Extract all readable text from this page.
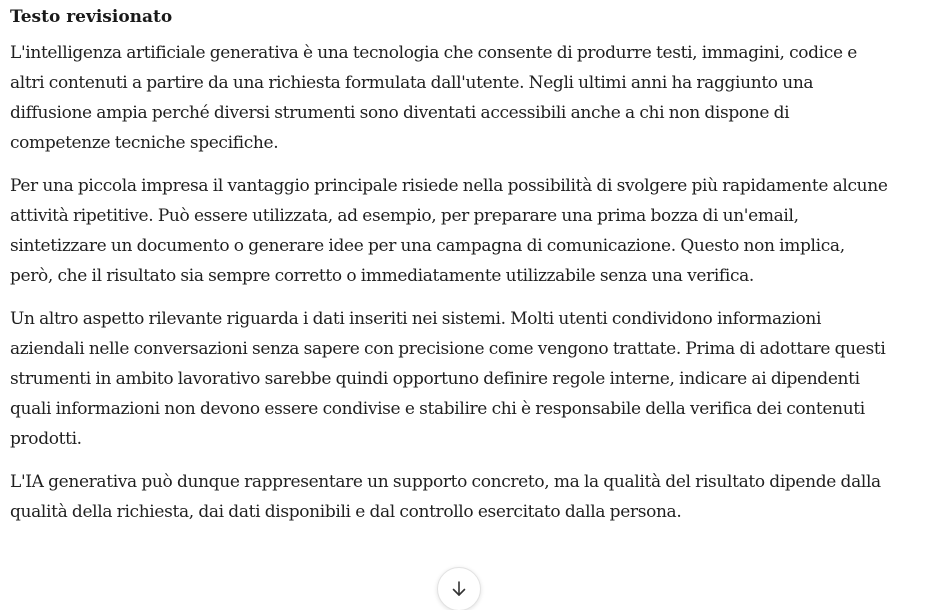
Testo revisionato

L'intelligenza artificiale generativa è una tecnologia che consente di produrre testi, immagini, codice e altri contenuti a partire da una richiesta formulata dall'utente. Negli ultimi anni ha raggiunto una diffusione ampia perché diversi strumenti sono diventati accessibili anche a chi non dispone di competenze tecniche specifiche.

Per una piccola impresa il vantaggio principale risiede nella possibilità di svolgere più rapidamente alcune attività ripetitive. Può essere utilizzata, ad esempio, per preparare una prima bozza di un'email, sintetizzare un documento o generare idee per una campagna di comunicazione. Questo non implica, però, che il risultato sia sempre corretto o immediatamente utilizzabile senza una verifica.

Un altro aspetto rilevante riguarda i dati inseriti nei sistemi. Molti utenti condividono informazioni aziendali nelle conversazioni senza sapere con precisione come vengono trattate. Prima di adottare questi strumenti in ambito lavorativo sarebbe quindi opportuno definire regole interne, indicare ai dipendenti quali informazioni non devono essere condivise e stabilire chi è responsabile della verifica dei contenuti prodotti.

L'IA generativa può dunque rappresentare un supporto concreto, ma la qualità del risultato dipende dalla qualità della richiesta, dai dati disponibili e dal controllo esercitato dalla persona.
